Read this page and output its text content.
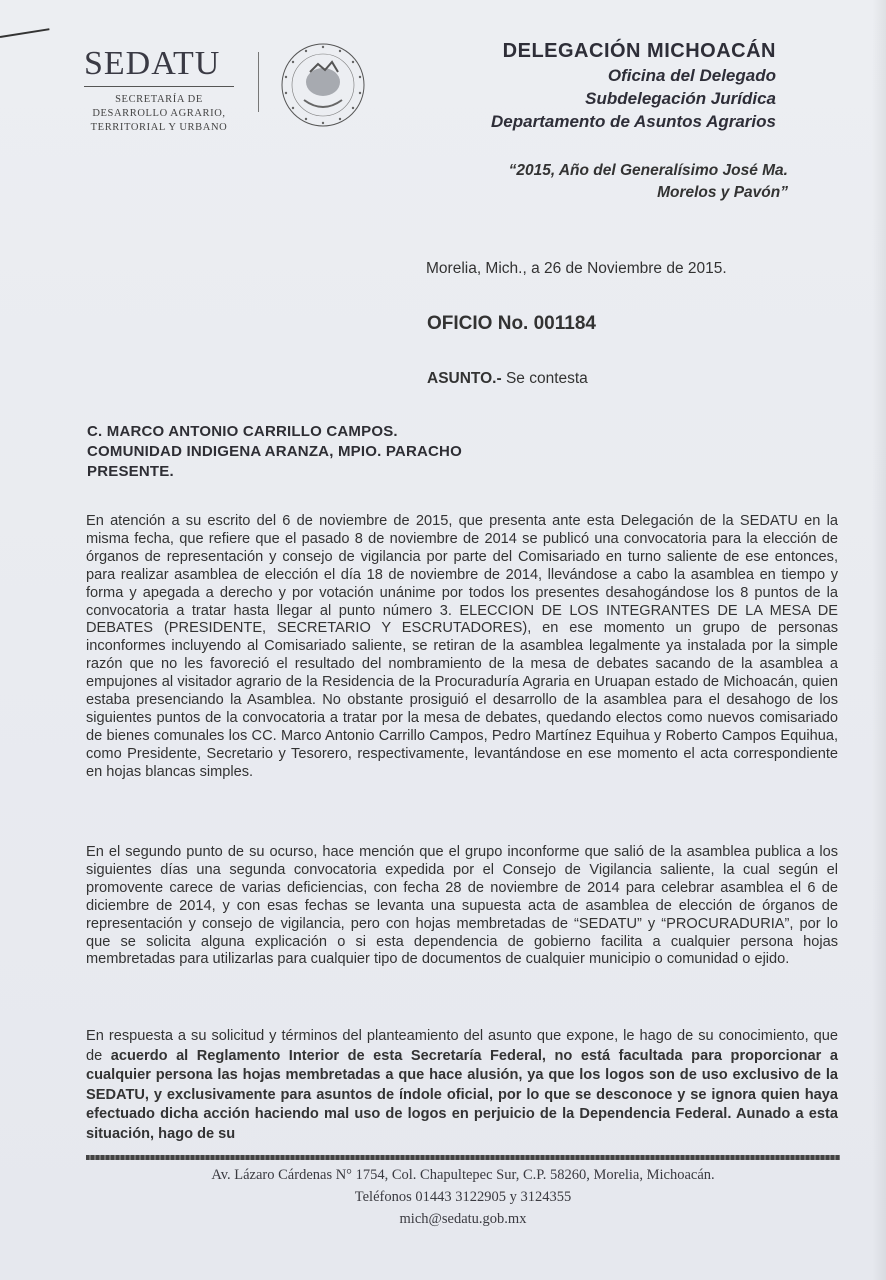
SEDATU
SECRETARÍA DE
DESARROLLO AGRARIO,
TERRITORIAL Y URBANO
DELEGACIÓN MICHOACÁN
Oficina del Delegado
Subdelegación Jurídica
Departamento de Asuntos Agrarios
“2015, Año del Generalísimo José Ma.
Morelos y Pavón”
Morelia, Mich., a 26 de Noviembre de 2015.
OFICIO No. 001184
ASUNTO.- Se contesta
C. MARCO ANTONIO CARRILLO CAMPOS.
COMUNIDAD INDIGENA ARANZA, MPIO. PARACHO
PRESENTE.
En atención a su escrito del 6 de noviembre de 2015, que presenta ante esta Delegación de la SEDATU en la misma fecha, que refiere que el pasado 8 de noviembre de 2014 se publicó una convocatoria para la elección de órganos de representación y consejo de vigilancia por parte del Comisariado en turno saliente de ese entonces, para realizar asamblea de elección el día 18 de noviembre de 2014, llevándose a cabo la asamblea en tiempo y forma y apegada a derecho y por votación unánime por todos los presentes desahogándose los 8 puntos de la convocatoria a tratar hasta llegar al punto número 3. ELECCION DE LOS INTEGRANTES DE LA MESA DE DEBATES (PRESIDENTE, SECRETARIO Y ESCRUTADORES), en ese momento un grupo de personas inconformes incluyendo al Comisariado saliente, se retiran de la asamblea legalmente ya instalada por la simple razón que no les favoreció el resultado del nombramiento de la mesa de debates sacando de la asamblea a empujones al visitador agrario de la Residencia de la Procuraduría Agraria en Uruapan estado de Michoacán, quien estaba presenciando la Asamblea. No obstante prosiguió el desarrollo de la asamblea para el desahogo de los siguientes puntos de la convocatoria a tratar por la mesa de debates, quedando electos como nuevos comisariado de bienes comunales los CC. Marco Antonio Carrillo Campos, Pedro Martínez Equihua y Roberto Campos Equihua, como Presidente, Secretario y Tesorero, respectivamente, levantándose en ese momento el acta correspondiente en hojas blancas simples.
En el segundo punto de su ocurso, hace mención que el grupo inconforme que salió de la asamblea publica a los siguientes días una segunda convocatoria expedida por el Consejo de Vigilancia saliente, la cual según el promovente carece de varias deficiencias, con fecha 28 de noviembre de 2014 para celebrar asamblea el 6 de diciembre de 2014, y con esas fechas se levanta una supuesta acta de asamblea de elección de órganos de representación y consejo de vigilancia, pero con hojas membretadas de “SEDATU” y “PROCURADURIA”, por lo que se solicita alguna explicación o si esta dependencia de gobierno facilita a cualquier persona hojas membretadas para utilizarlas para cualquier tipo de documentos de cualquier municipio o comunidad o ejido.
En respuesta a su solicitud y términos del planteamiento del asunto que expone, le hago de su conocimiento, que de acuerdo al Reglamento Interior de esta Secretaría Federal, no está facultada para proporcionar a cualquier persona las hojas membretadas a que hace alusión, ya que los logos son de uso exclusivo de la SEDATU, y exclusivamente para asuntos de índole oficial, por lo que se desconoce y se ignora quien haya efectuado dicha acción haciendo mal uso de logos en perjuicio de la Dependencia Federal. Aunado a esta situación, hago de su
Av. Lázaro Cárdenas N° 1754, Col. Chapultepec Sur, C.P. 58260, Morelia, Michoacán.
Teléfonos 01443 3122905 y 3124355
mich@sedatu.gob.mx
